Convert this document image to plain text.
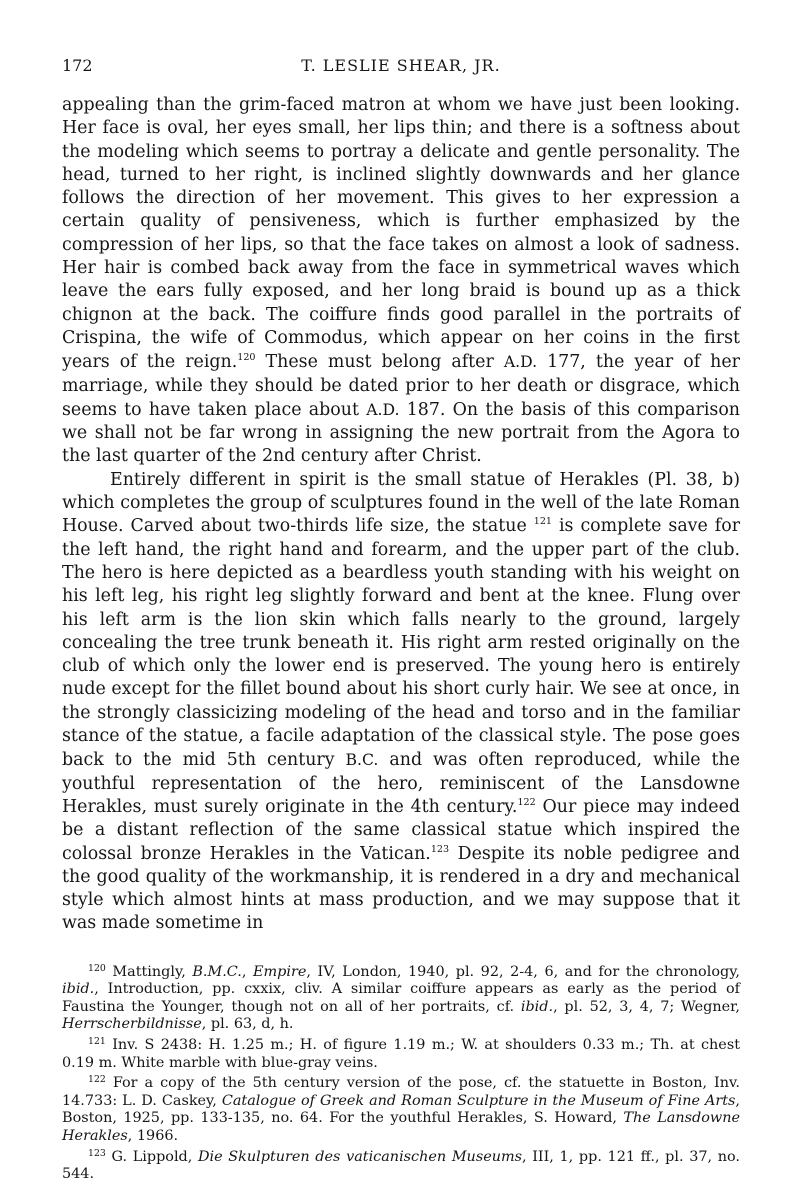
172	T. LESLIE SHEAR, JR.

appealing than the grim-faced matron at whom we have just been looking. Her face is oval, her eyes small, her lips thin; and there is a softness about the modeling which seems to portray a delicate and gentle personality. The head, turned to her right, is inclined slightly downwards and her glance follows the direction of her movement. This gives to her expression a certain quality of pensiveness, which is further emphasized by the compression of her lips, so that the face takes on almost a look of sadness. Her hair is combed back away from the face in symmetrical waves which leave the ears fully exposed, and her long braid is bound up as a thick chignon at the back. The coiffure finds good parallel in the portraits of Crispina, the wife of Commodus, which appear on her coins in the first years of the reign.$^{120}$ These must belong after A.D. 177, the year of her marriage, while they should be dated prior to her death or disgrace, which seems to have taken place about A.D. 187. On the basis of this comparison we shall not be far wrong in assigning the new portrait from the Agora to the last quarter of the 2nd century after Christ.

Entirely different in spirit is the small statue of Herakles (Pl. 38, b) which completes the group of sculptures found in the well of the late Roman House. Carved about two-thirds life size, the statue $^{121}$ is complete save for the left hand, the right hand and forearm, and the upper part of the club. The hero is here depicted as a beardless youth standing with his weight on his left leg, his right leg slightly forward and bent at the knee. Flung over his left arm is the lion skin which falls nearly to the ground, largely concealing the tree trunk beneath it. His right arm rested originally on the club of which only the lower end is preserved. The young hero is entirely nude except for the fillet bound about his short curly hair. We see at once, in the strongly classicizing modeling of the head and torso and in the familiar stance of the statue, a facile adaptation of the classical style. The pose goes back to the mid 5th century B.C. and was often reproduced, while the youthful representation of the hero, reminiscent of the Lansdowne Herakles, must surely originate in the 4th century.$^{122}$ Our piece may indeed be a distant reflection of the same classical statue which inspired the colossal bronze Herakles in the Vatican.$^{123}$ Despite its noble pedigree and the good quality of the workmanship, it is rendered in a dry and mechanical style which almost hints at mass production, and we may suppose that it was made sometime in

$^{120}$ Mattingly, B.M.C., Empire, IV, London, 1940, pl. 92, 2-4, 6, and for the chronology, ibid., Introduction, pp. cxxix, cliv. A similar coiffure appears as early as the period of Faustina the Younger, though not on all of her portraits, cf. ibid., pl. 52, 3, 4, 7; Wegner, Herrscherbildnisse, pl. 63, d, h.

$^{121}$ Inv. S 2438: H. 1.25 m.; H. of figure 1.19 m.; W. at shoulders 0.33 m.; Th. at chest 0.19 m. White marble with blue-gray veins.

$^{122}$ For a copy of the 5th century version of the pose, cf. the statuette in Boston, Inv. 14.733: L. D. Caskey, Catalogue of Greek and Roman Sculpture in the Museum of Fine Arts, Boston, 1925, pp. 133-135, no. 64. For the youthful Herakles, S. Howard, The Lansdowne Herakles, 1966.

$^{123}$ G. Lippold, Die Skulpturen des vaticanischen Museums, III, 1, pp. 121 ff., pl. 37, no. 544.
